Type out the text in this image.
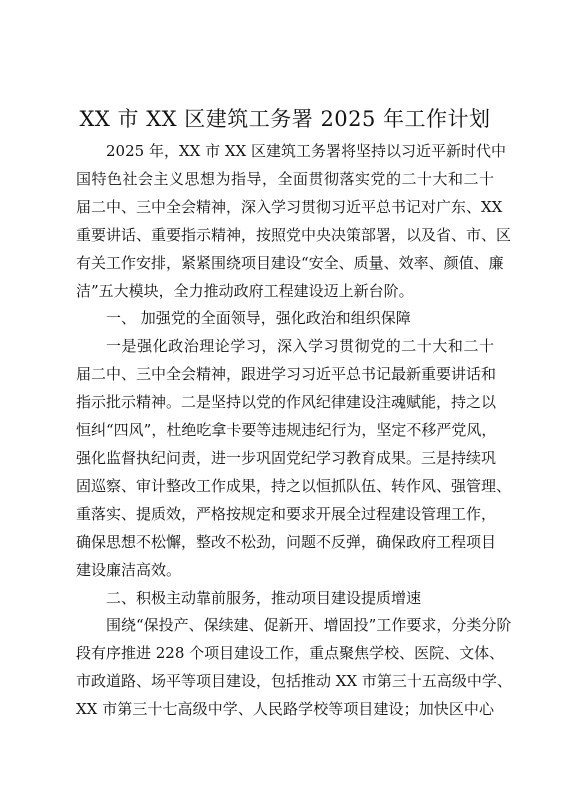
XX 市 XX 区建筑工务署 2025 年工作计划
2025 年，XX 市 XX 区建筑工务署将坚持以习近平新时代中
国特色社会主义思想为指导，全面贯彻落实党的二十大和二十
届二中、三中全会精神，深入学习贯彻习近平总书记对广东、XX
重要讲话、重要指示精神，按照党中央决策部署，以及省、市、区
有关工作安排，紧紧围绕项目建设“安全、质量、效率、颜值、廉
洁”五大模块，全力推动政府工程建设迈上新台阶。
一、 加强党的全面领导，强化政治和组织保障
一是强化政治理论学习，深入学习贯彻党的二十大和二十
届二中、三中全会精神，跟进学习习近平总书记最新重要讲话和
指示批示精神。二是坚持以党的作风纪律建设注魂赋能，持之以
恒纠“四风”，杜绝吃拿卡要等违规违纪行为，坚定不移严党风，
强化监督执纪问责，进一步巩固党纪学习教育成果。三是持续巩
固巡察、审计整改工作成果，持之以恒抓队伍、转作风、强管理、
重落实、提质效，严格按规定和要求开展全过程建设管理工作，
确保思想不松懈，整改不松劲，问题不反弹，确保政府工程项目
建设廉洁高效。
二、积极主动靠前服务，推动项目建设提质增速
围绕“保投产、保续建、促新开、增固投”工作要求，分类分阶
段有序推进 228 个项目建设工作，重点聚焦学校、医院、文体、
市政道路、场平等项目建设，包括推动 XX 市第三十五高级中学、
XX 市第三十七高级中学、人民路学校等项目建设；加快区中心
